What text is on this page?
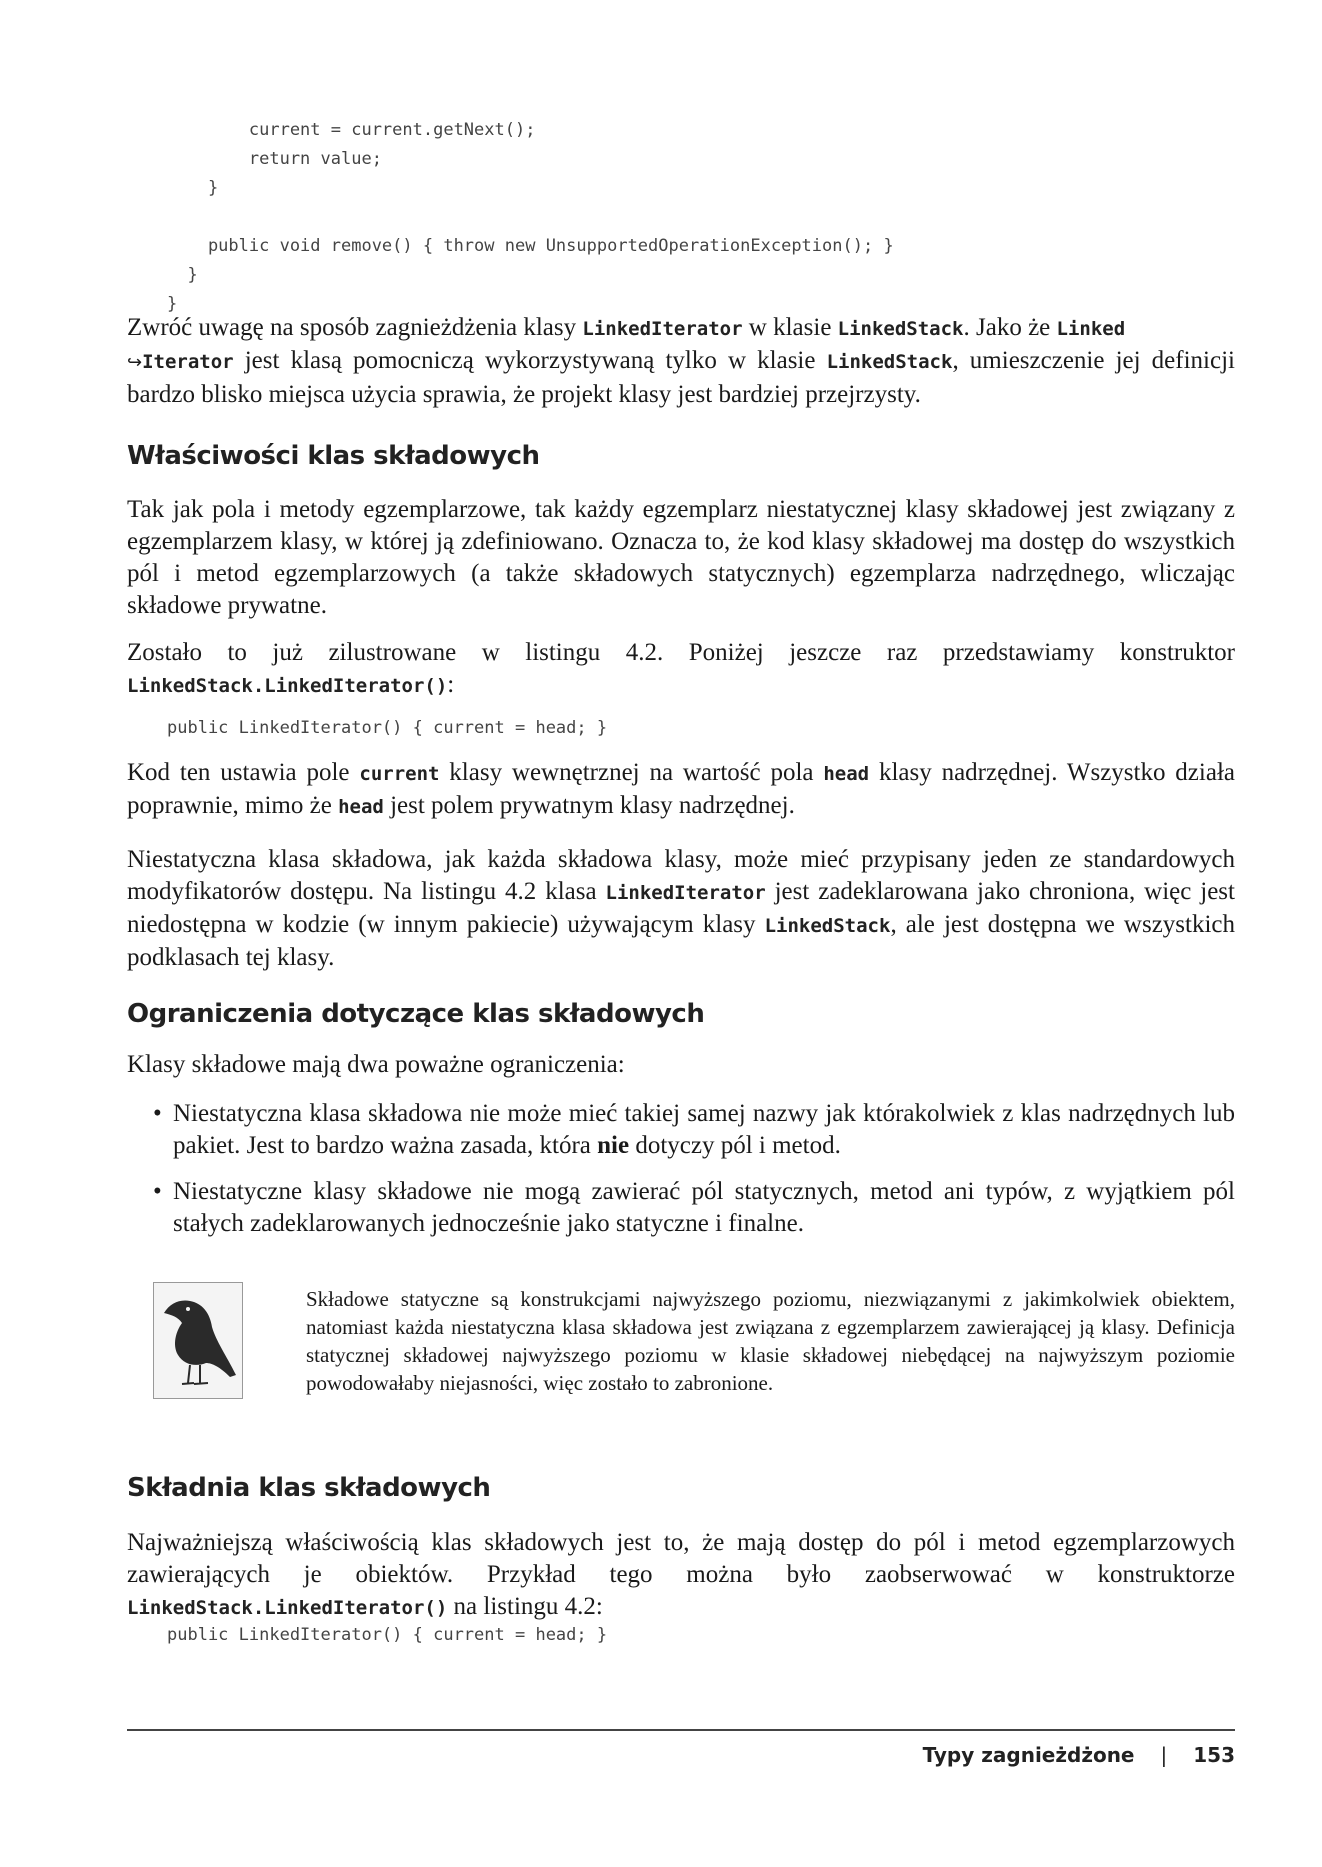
current = current.getNext();
return value;
}

public void remove() { throw new UnsupportedOperationException(); }
}
}

Zwróć uwagę na sposób zagnieżdżenia klasy LinkedIterator w klasie LinkedStack. Jako że Linked
↪Iterator jest klasą pomocniczą wykorzystywaną tylko w klasie LinkedStack, umieszczenie jej definicji bardzo blisko miejsca użycia sprawia, że projekt klasy jest bardziej przejrzysty.

Właściwości klas składowych

Tak jak pola i metody egzemplarzowe, tak każdy egzemplarz niestatycznej klasy składowej jest związany z egzemplarzem klasy, w której ją zdefiniowano. Oznacza to, że kod klasy składowej ma dostęp do wszystkich pól i metod egzemplarzowych (a także składowych statycznych) egzemplarza nadrzędnego, wliczając składowe prywatne.

Zostało to już zilustrowane w listingu 4.2. Poniżej jeszcze raz przedstawiamy konstruktor LinkedStack.LinkedIterator():

public LinkedIterator() { current = head; }

Kod ten ustawia pole current klasy wewnętrznej na wartość pola head klasy nadrzędnej. Wszystko działa poprawnie, mimo że head jest polem prywatnym klasy nadrzędnej.

Niestatyczna klasa składowa, jak każda składowa klasy, może mieć przypisany jeden ze standardowych modyfikatorów dostępu. Na listingu 4.2 klasa LinkedIterator jest zadeklarowana jako chroniona, więc jest niedostępna w kodzie (w innym pakiecie) używającym klasy LinkedStack, ale jest dostępna we wszystkich podklasach tej klasy.

Ograniczenia dotyczące klas składowych

Klasy składowe mają dwa poważne ograniczenia:

• Niestatyczna klasa składowa nie może mieć takiej samej nazwy jak którakolwiek z klas nadrzędnych lub pakiet. Jest to bardzo ważna zasada, która nie dotyczy pól i metod.
• Niestatyczne klasy składowe nie mogą zawierać pól statycznych, metod ani typów, z wyjątkiem pól stałych zadeklarowanych jednocześnie jako statyczne i finalne.

Składowe statyczne są konstrukcjami najwyższego poziomu, niezwiązanymi z jakimkolwiek obiektem, natomiast każda niestatyczna klasa składowa jest związana z egzemplarzem zawierającej ją klasy. Definicja statycznej składowej najwyższego poziomu w klasie składowej niebędącej na najwyższym poziomie powodowałaby niejasności, więc zostało to zabronione.

Składnia klas składowych

Najważniejszą właściwością klas składowych jest to, że mają dostęp do pól i metod egzemplarzowych zawierających je obiektów. Przykład tego można było zaobserwować w konstruktorze LinkedStack.LinkedIterator() na listingu 4.2:

public LinkedIterator() { current = head; }
Typy zagnieżdżone | 153
